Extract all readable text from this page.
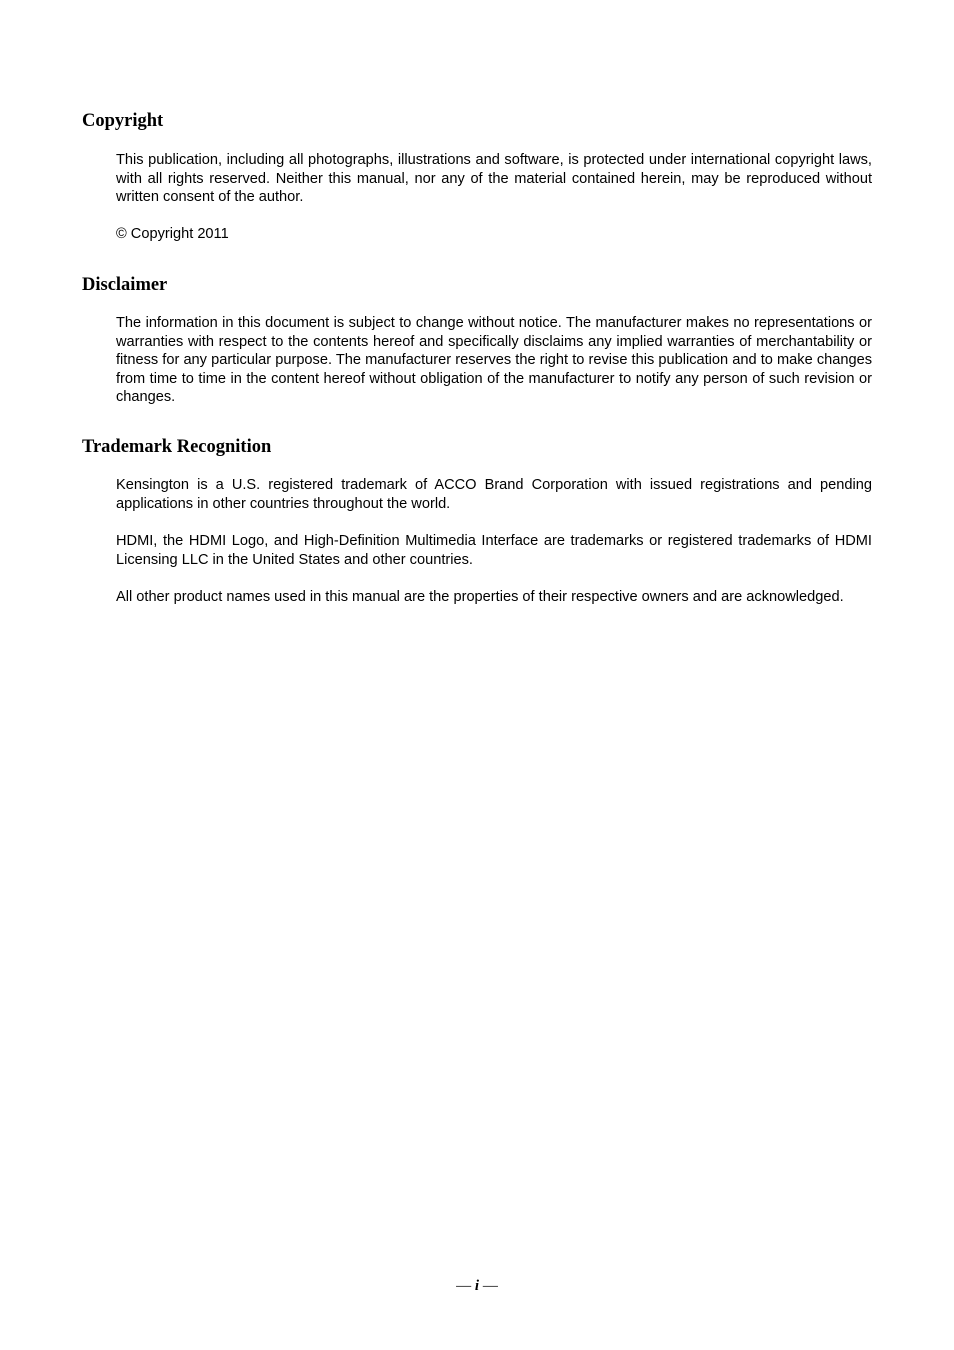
Copyright

This publication, including all photographs, illustrations and software, is protected under international copyright laws, with all rights reserved. Neither this manual, nor any of the material contained herein, may be reproduced without written consent of the author.

© Copyright 2011

Disclaimer

The information in this document is subject to change without notice. The manufacturer makes no representations or warranties with respect to the contents hereof and specifically disclaims any implied warranties of merchantability or fitness for any particular purpose. The manufacturer reserves the right to revise this publication and to make changes from time to time in the content hereof without obligation of the manufacturer to notify any person of such revision or changes.

Trademark Recognition

Kensington is a U.S. registered trademark of ACCO Brand Corporation with issued registrations and pending applications in other countries throughout the world.

HDMI, the HDMI Logo, and High-Definition Multimedia Interface are trademarks or registered trademarks of HDMI Licensing LLC in the United States and other countries.

All other product names used in this manual are the properties of their respective owners and are acknowledged.

— i —
